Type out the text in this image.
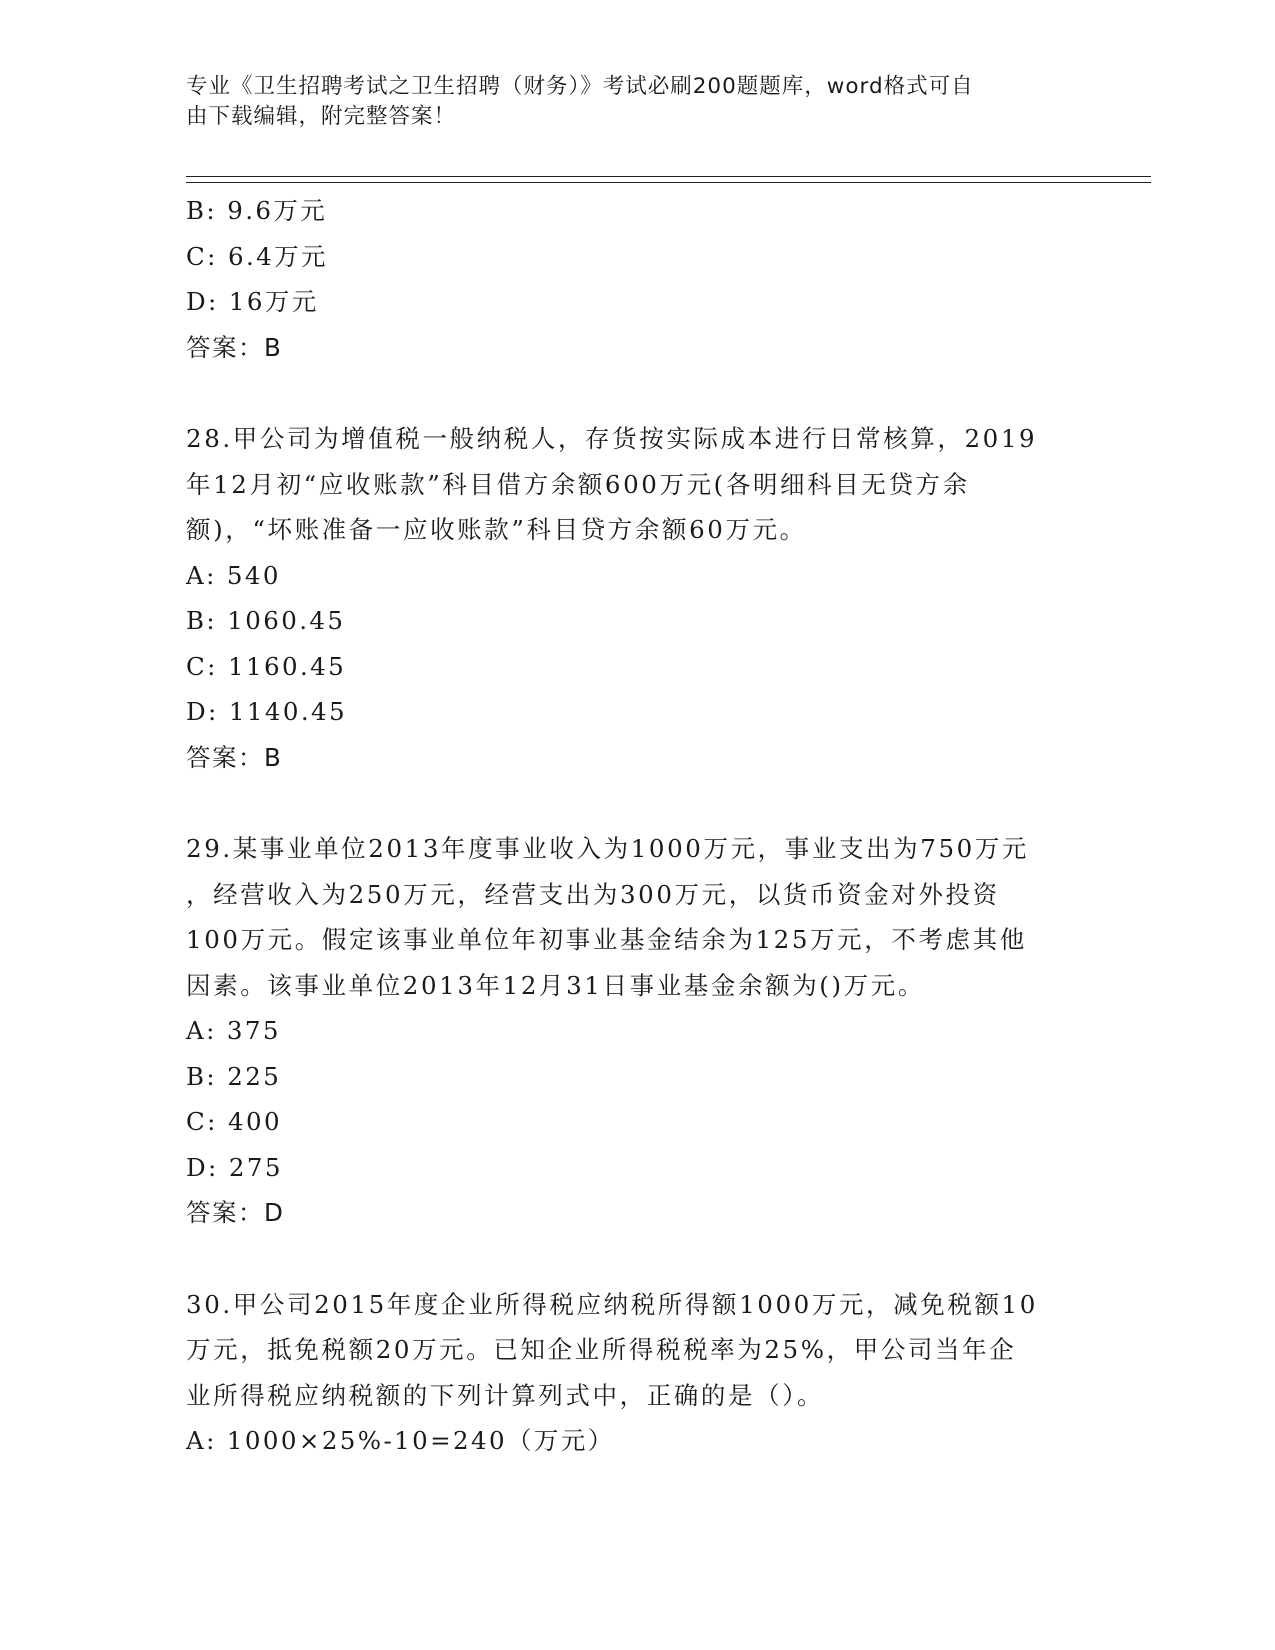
专业《卫生招聘考试之卫生招聘（财务）》考试必刷200题题库，word格式可自
由下载编辑，附完整答案！

B: 9.6万元

C: 6.4万元

D: 16万元

答案：B

28.甲公司为增值税一般纳税人，存货按实际成本进行日常核算，2019

年12月初“应收账款”科目借方余额600万元(各明细科目无贷方余

额)，“坏账准备一应收账款”科目贷方余额60万元。

A: 540

B: 1060.45

C: 1160.45

D: 1140.45

答案：B

29.某事业单位2013年度事业收入为1000万元，事业支出为750万元

，经营收入为250万元，经营支出为300万元，以货币资金对外投资

100万元。假定该事业单位年初事业基金结余为125万元，不考虑其他

因素。该事业单位2013年12月31日事业基金余额为()万元。

A: 375

B: 225

C: 400

D: 275

答案：D

30.甲公司2015年度企业所得税应纳税所得额1000万元，减免税额10

万元，抵免税额20万元。已知企业所得税税率为25%，甲公司当年企

业所得税应纳税额的下列计算列式中，正确的是（）。

A: 1000×25%-10=240（万元）
